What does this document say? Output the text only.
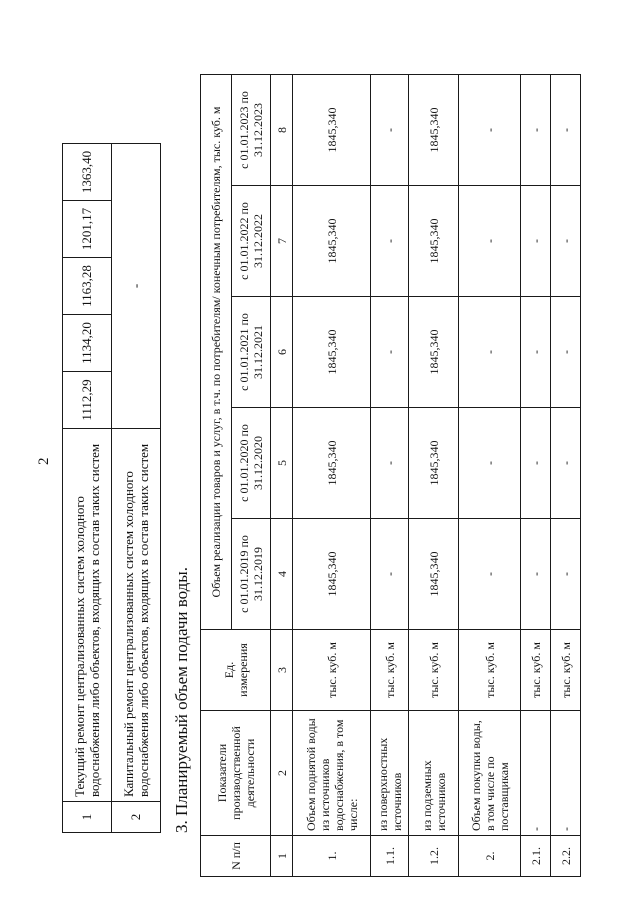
2
1	Текущий ремонт централизованных систем холодного водоснабжения либо объектов, входящих в состав таких систем	1112,29	1134,20	1163,28	1201,17	1363,40
2	Капитальный ремонт централизованных систем холодного водоснабжения либо объектов, входящих в состав таких систем	-				
3. Планируемый объем подачи воды.
N п/п	Показатели производственной деятельности	Ед. измерения	Объем реализации товаров и услуг, в т.ч. по потребителям/ конечным потребителям, тыс. куб. м				
			с 01.01.2019 по 31.12.2019	с 01.01.2020 по 31.12.2020	с 01.01.2021 по 31.12.2021	с 01.01.2022 по 31.12.2022	с 01.01.2023 по 31.12.2023
1	2	3	4	5	6	7	8
1.	Объем поднятой воды из источников водоснабжения, в том числе:	тыс. куб. м	1845,340	1845,340	1845,340	1845,340	1845,340
1.1.	из поверхностных источников	тыс. куб. м	-	-	-	-	-
1.2.	из подземных источников	тыс. куб. м	1845,340	1845,340	1845,340	1845,340	1845,340
2.	Объем покупки воды, в том числе по поставщикам	тыс. куб. м	-	-	-	-	-
2.1.	-	тыс. куб. м	-	-	-	-	-
2.2.	-	тыс. куб. м	-	-	-	-	-
